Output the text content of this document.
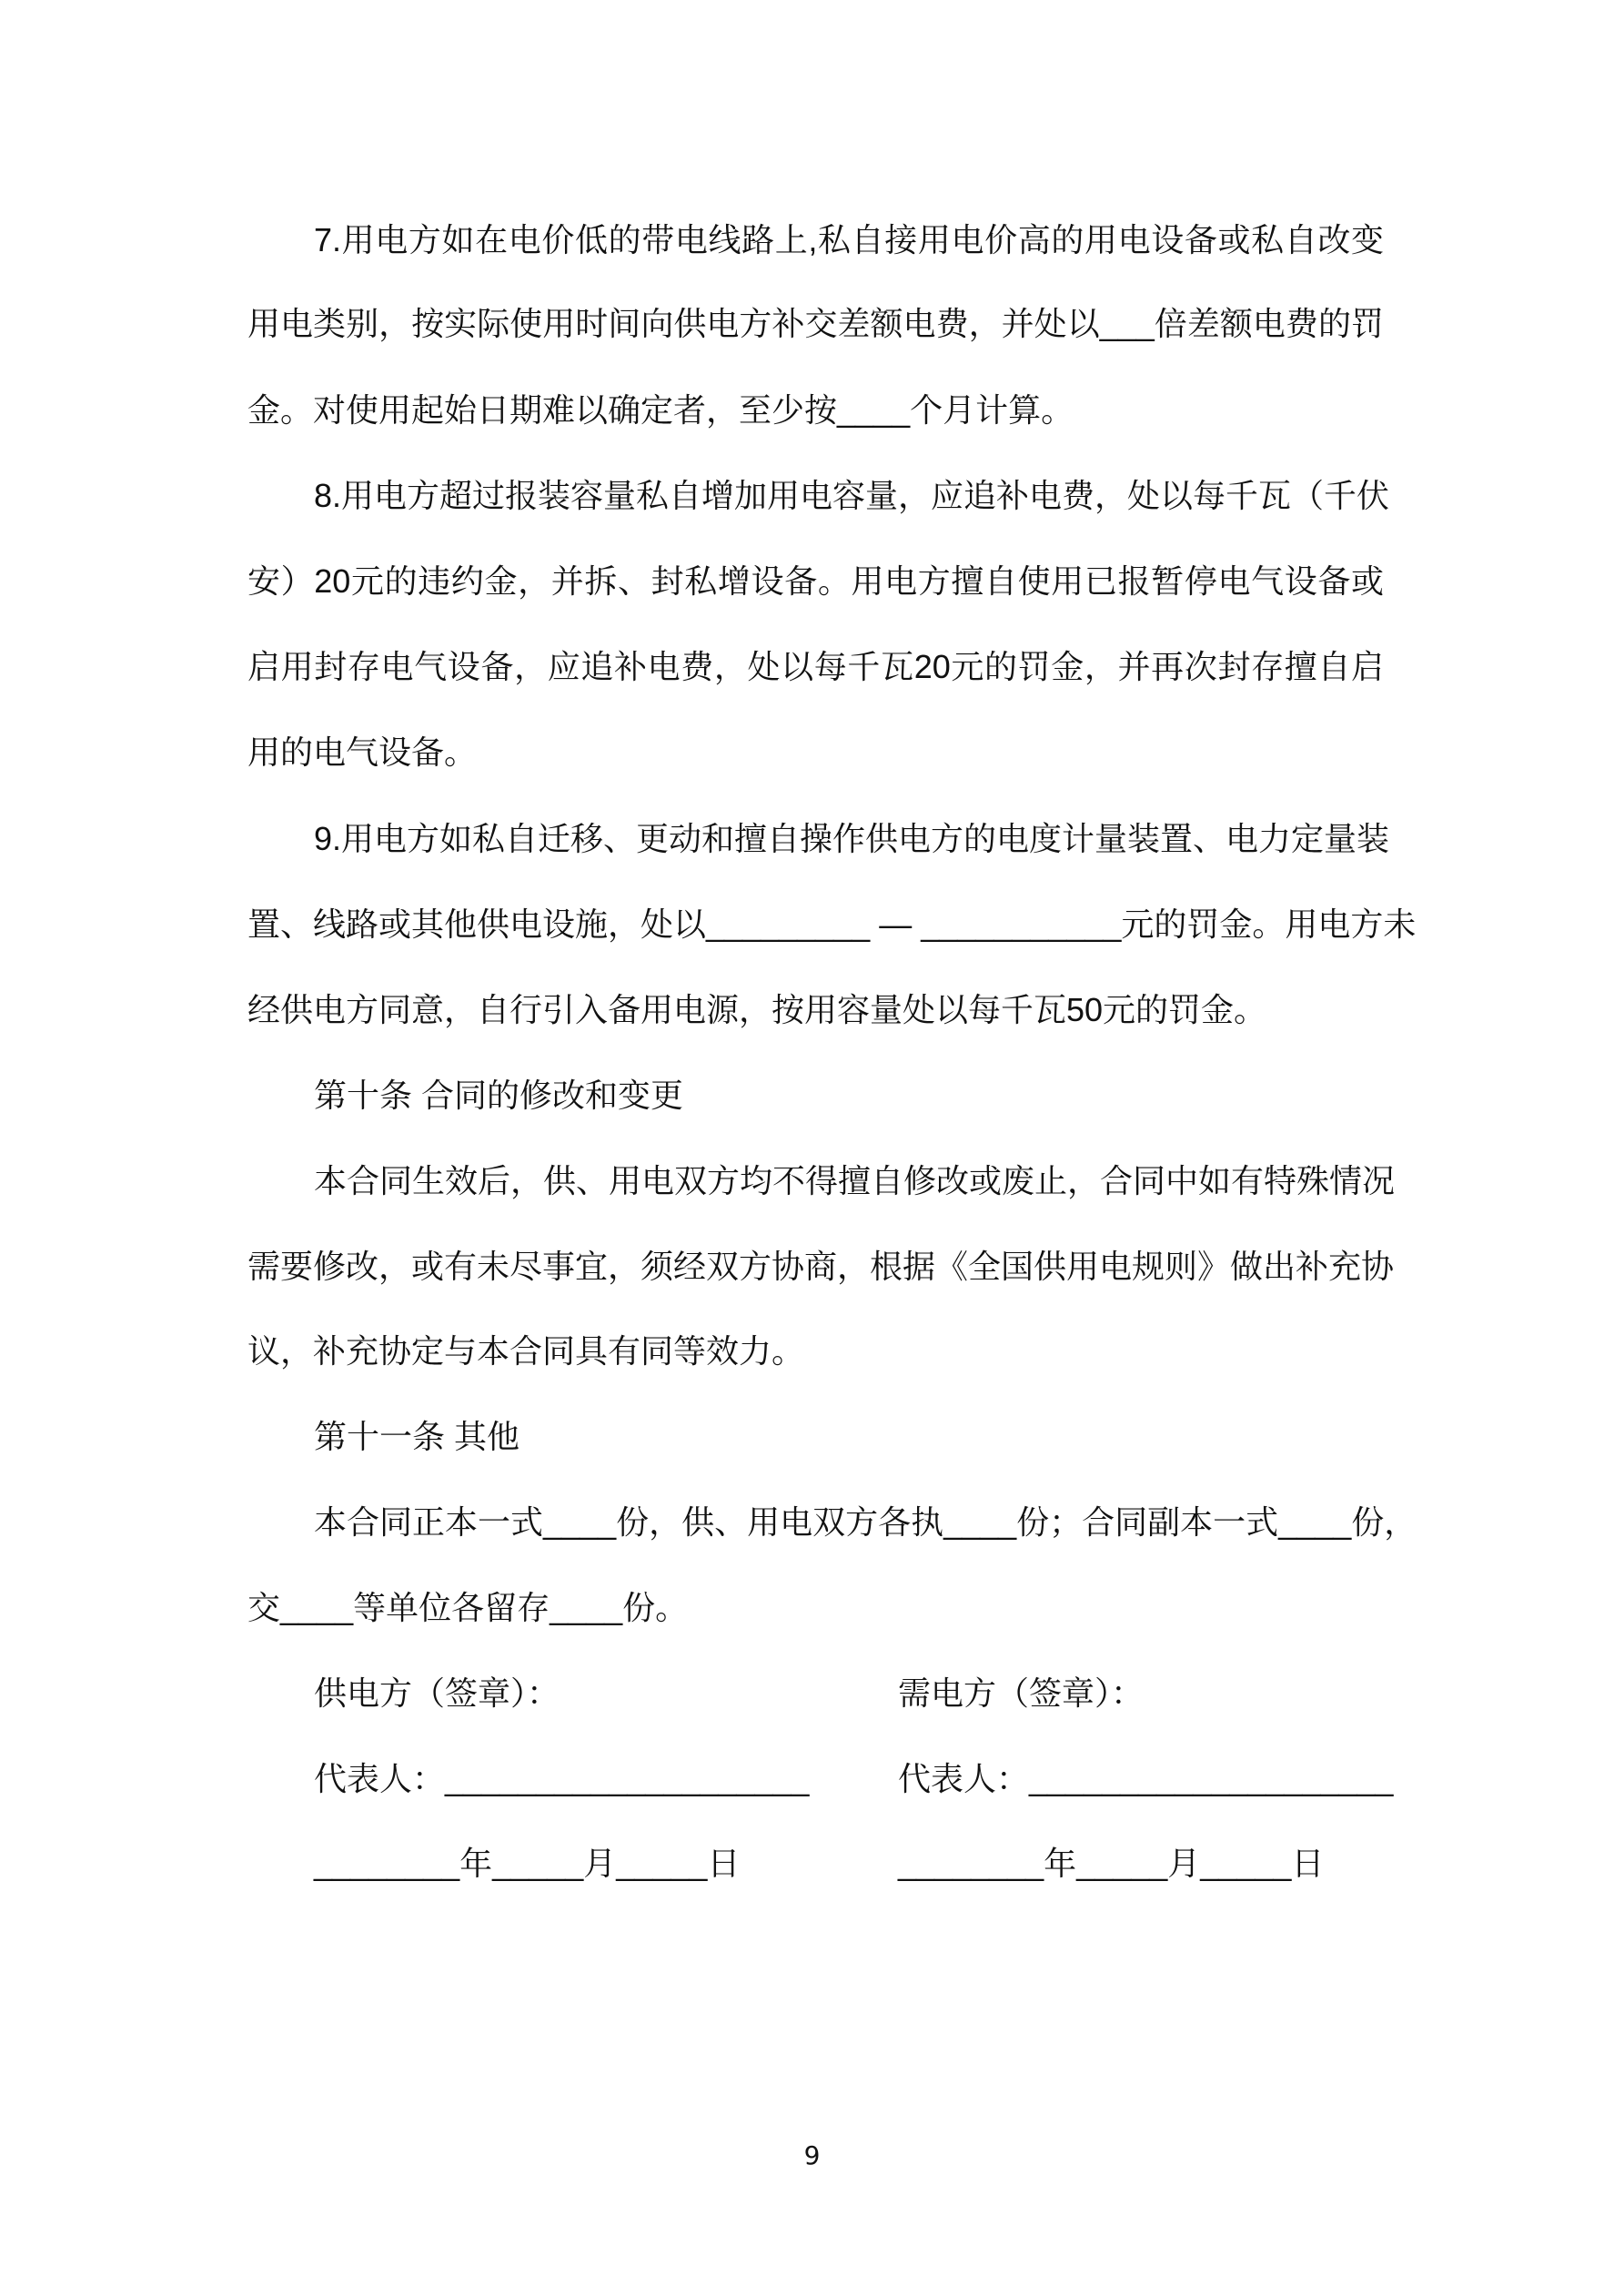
7.用电方如在电价低的带电线路上,私自接用电价高的用电设备或私自改变
用电类别，按实际使用时间向供电方补交差额电费，并处以___倍差额电费的罚
金。对使用起始日期难以确定者，至少按____个月计算。
8.用电方超过报装容量私自增加用电容量，应追补电费，处以每千瓦（千伏
安）20元的违约金，并拆、封私增设备。用电方擅自使用已报暂停电气设备或
启用封存电气设备，应追补电费，处以每千瓦20元的罚金，并再次封存擅自启
用的电气设备。
9.用电方如私自迁移、更动和擅自操作供电方的电度计量装置、电力定量装
置、线路或其他供电设施，处以_________ — ___________元的罚金。用电方未
经供电方同意，自行引入备用电源，按用容量处以每千瓦50元的罚金。
第十条 合同的修改和变更
本合同生效后，供、用电双方均不得擅自修改或废止，合同中如有特殊情况
需要修改，或有未尽事宜，须经双方协商，根据《全国供用电规则》做出补充协
议，补充协定与本合同具有同等效力。
第十一条 其他
本合同正本一式____份，供、用电双方各执____份；合同副本一式____份，
交____等单位各留存____份。
供电方（签章）：	需电方（签章）：
代表人：____________________	代表人：____________________
________年_____月_____日	________年_____月_____日
9
